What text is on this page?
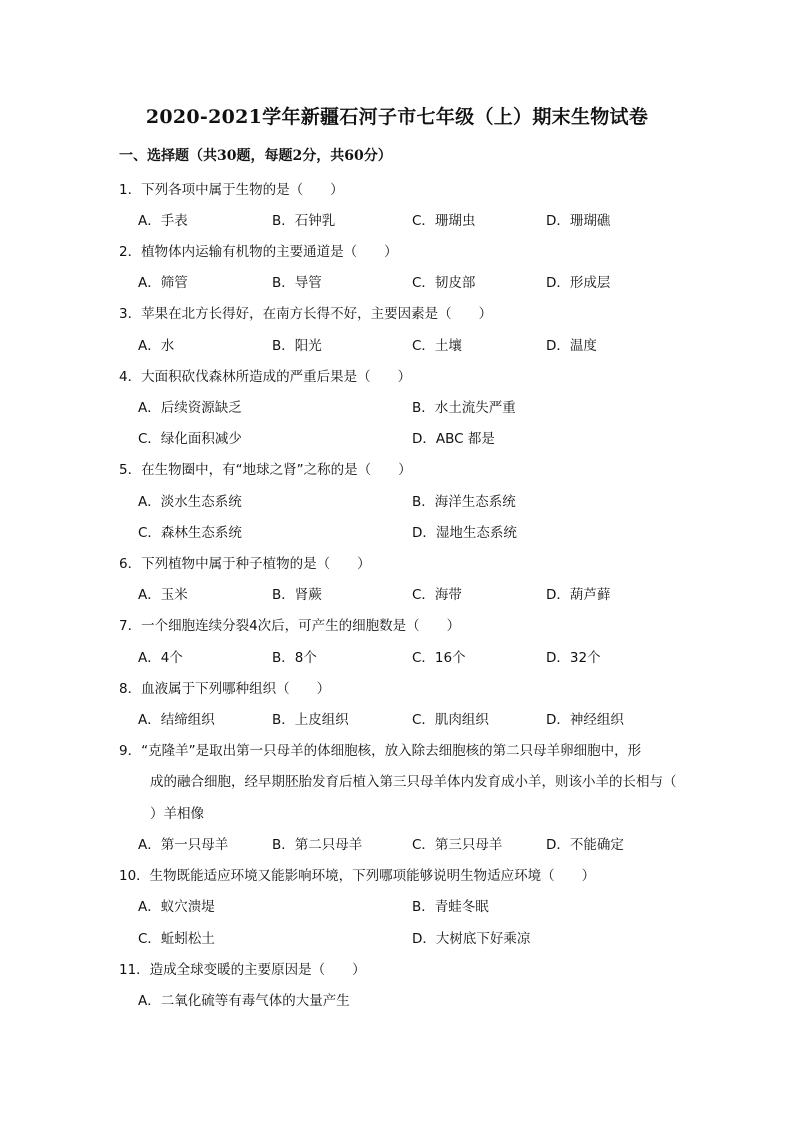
2020-2021学年新疆石河子市七年级（上）期末生物试卷
一、选择题（共30题，每题2分，共60分）
1．下列各项中属于生物的是（　　）
A．手表	B．石钟乳	C．珊瑚虫	D．珊瑚礁
2．植物体内运输有机物的主要通道是（　　）
A．筛管	B．导管	C．韧皮部	D．形成层
3．苹果在北方长得好，在南方长得不好，主要因素是（　　）
A．水	B．阳光	C．土壤	D．温度
4．大面积砍伐森林所造成的严重后果是（　　）
A．后续资源缺乏	B．水土流失严重
C．绿化面积减少	D．ABC 都是
5．在生物圈中，有“地球之肾”之称的是（　　）
A．淡水生态系统	B．海洋生态系统
C．森林生态系统	D．湿地生态系统
6．下列植物中属于种子植物的是（　　）
A．玉米	B．肾蕨	C．海带	D．葫芦藓
7．一个细胞连续分裂4次后，可产生的细胞数是（　　）
A．4个	B．8个	C．16个	D．32个
8．血液属于下列哪种组织（　　）
A．结缔组织	B．上皮组织	C．肌肉组织	D．神经组织
9．“克隆羊”是取出第一只母羊的体细胞核，放入除去细胞核的第二只母羊卵细胞中，形
成的融合细胞，经早期胚胎发育后植入第三只母羊体内发育成小羊，则该小羊的长相与（
）羊相像
A．第一只母羊	B．第二只母羊	C．第三只母羊	D．不能确定
10．生物既能适应环境又能影响环境，下列哪项能够说明生物适应环境（　　）
A．蚁穴溃堤	B．青蛙冬眠
C．蚯蚓松土	D．大树底下好乘凉
11．造成全球变暖的主要原因是（　　）
A．二氧化硫等有毒气体的大量产生
